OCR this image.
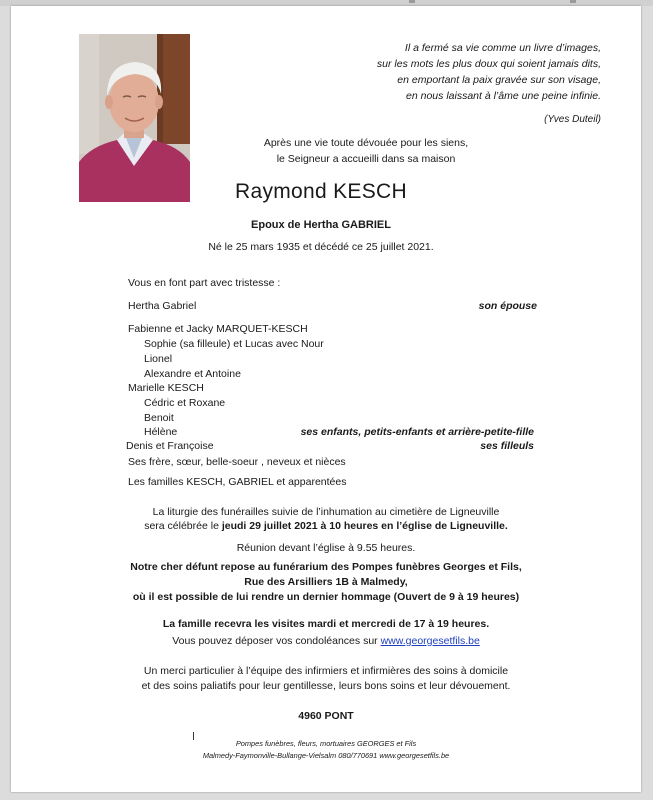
Il a fermé sa vie comme un livre d’images,
sur les mots les plus doux qui soient jamais dits,
en emportant la paix gravée sur son visage,
en nous laissant à l’âme une peine infinie.
(Yves Duteil)
Après une vie toute dévouée pour les siens,
le Seigneur a accueilli dans sa maison
Raymond KESCH
Epoux de Hertha GABRIEL
Né le 25 mars 1935 et décédé ce 25 juillet 2021.
Vous en font part avec tristesse :
Hertha Gabriel	son épouse
Fabienne et Jacky MARQUET-KESCH
Sophie (sa filleule) et Lucas avec Nour
Lionel
Alexandre et Antoine
Marielle KESCH
Cédric et Roxane
Benoit
Hélène	ses enfants, petits-enfants et arrière-petite-fille
Denis et Françoise	ses filleuls
Ses frère, sœur, belle-soeur , neveux et nièces
Les familles KESCH, GABRIEL et apparentées
La liturgie des funérailles suivie de l’inhumation au cimetière de Ligneuville
sera célébrée le jeudi 29 juillet 2021 à 10 heures en l’église de Ligneuville.
Réunion devant l’église à 9.55 heures.
Notre cher défunt repose au funérarium des Pompes funèbres Georges et Fils,
Rue des Arsilliers 1B à Malmedy,
où il est possible de lui rendre un dernier hommage (Ouvert de 9 à 19 heures)
La famille recevra les visites mardi et mercredi de 17 à 19 heures.
Vous pouvez déposer vos condoléances sur www.georgesetfils.be
Un merci particulier à l’équipe des infirmiers et infirmières des soins à domicile
et des soins paliatifs pour leur gentillesse, leurs bons soins et leur dévouement.
4960 PONT
Pompes funèbres, fleurs, mortuaires GEORGES et Fils
Malmedy-Faymonville-Bullange-Vielsalm 080/770691 www.georgesetfils.be
